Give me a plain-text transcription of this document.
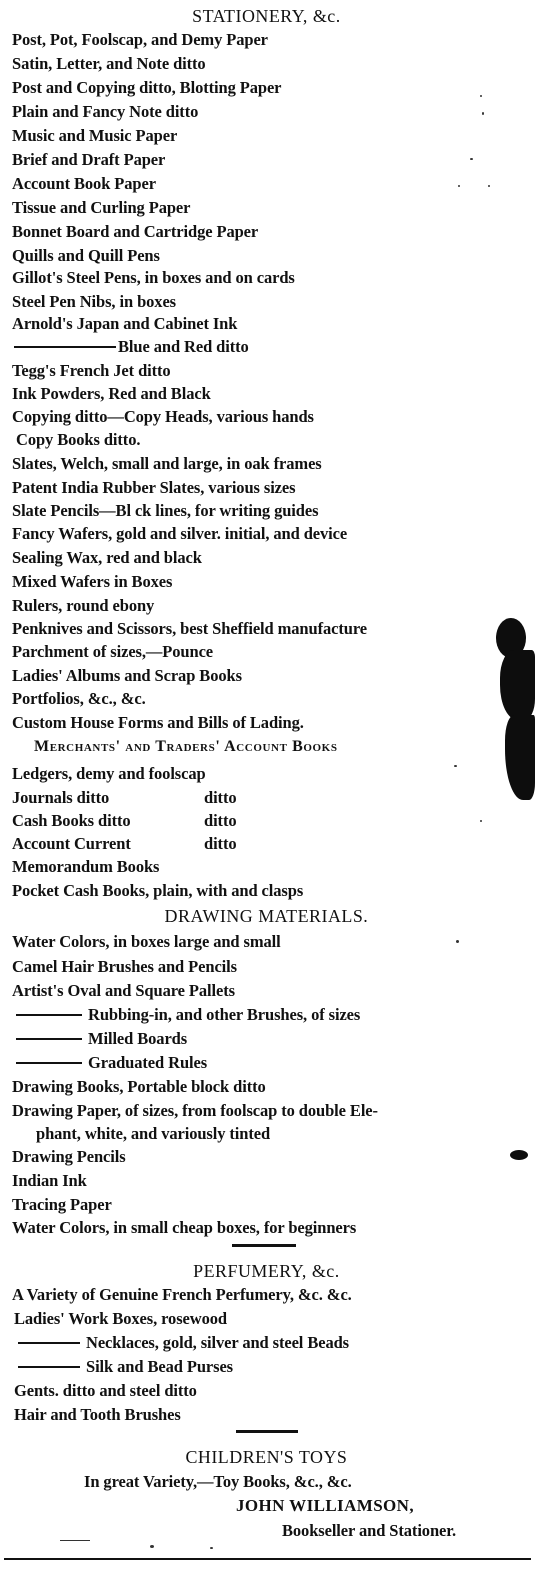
STATIONERY, &c.
Post, Pot, Foolscap, and Demy Paper
Satin, Letter, and Note ditto
Post and Copying ditto, Blotting Paper
Plain and Fancy Note ditto
Music and Music Paper
Brief and Draft Paper
Account Book Paper
Tissue and Curling Paper
Bonnet Board and Cartridge Paper
Quills and Quill Pens
Gillot's Steel Pens, in boxes and on cards
Steel Pen Nibs, in boxes
Arnold's Japan and Cabinet Ink
Blue and Red ditto
Tegg's French Jet ditto
Ink Powders, Red and Black
Copying ditto—Copy Heads, various hands
Copy Books ditto.
Slates, Welch, small and large, in oak frames
Patent India Rubber Slates, various sizes
Slate Pencils—Bl ck lines, for writing guides
Fancy Wafers, gold and silver. initial, and device
Sealing Wax, red and black
Mixed Wafers in Boxes
Rulers, round ebony
Penknives and Scissors, best Sheffield manufacture
Parchment of sizes,—Pounce
Ladies' Albums and Scrap Books
Portfolios, &c., &c.
Custom House Forms and Bills of Lading.
Merchants' and Traders' Account Books
Ledgers, demy and foolscap
Journals ditto	ditto
Cash Books ditto	ditto
Account Current	ditto
Memorandum Books
Pocket Cash Books, plain, with and clasps
DRAWING MATERIALS.
Water Colors, in boxes large and small
Camel Hair Brushes and Pencils
Artist's Oval and Square Pallets
Rubbing-in, and other Brushes, of sizes
Milled Boards
Graduated Rules
Drawing Books, Portable block ditto
Drawing Paper, of sizes, from foolscap to double Ele-
phant, white, and variously tinted
Drawing Pencils
Indian Ink
Tracing Paper
Water Colors, in small cheap boxes, for beginners
PERFUMERY, &c.
A Variety of Genuine French Perfumery, &c. &c.
Ladies' Work Boxes, rosewood
Necklaces, gold, silver and steel Beads
Silk and Bead Purses
Gents. ditto and steel ditto
Hair and Tooth Brushes
CHILDREN'S TOYS
In great Variety,—Toy Books, &c., &c.
JOHN WILLIAMSON,
Bookseller and Stationer.
